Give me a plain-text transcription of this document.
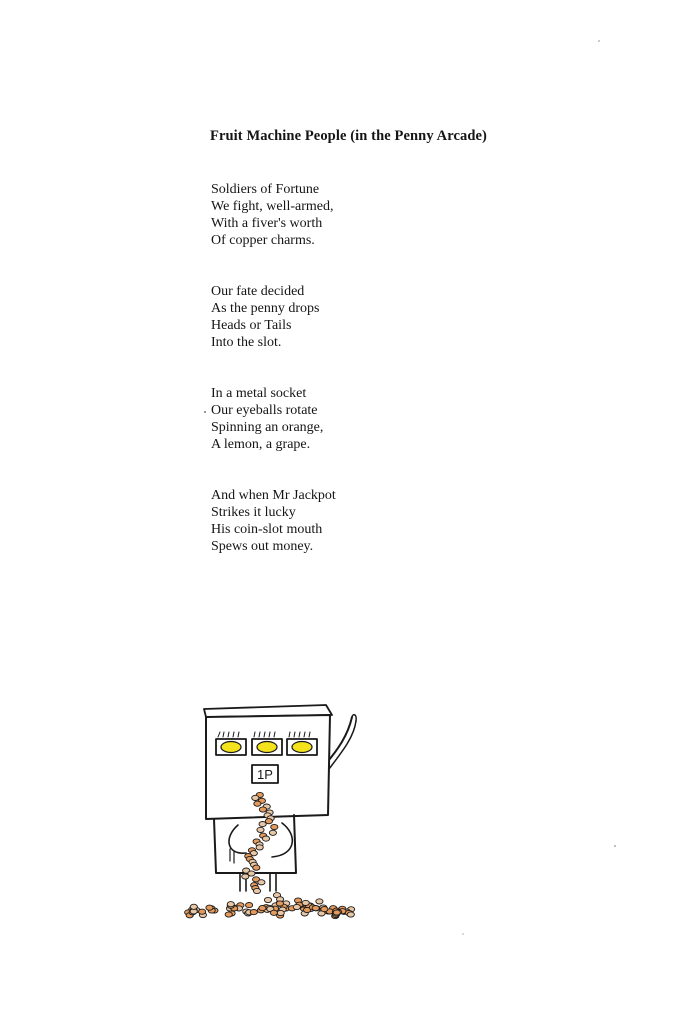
Fruit Machine People (in the Penny Arcade)
Soldiers of Fortune
We fight, well-armed,
With a fiver's worth
Of copper charms.
Our fate decided
As the penny drops
Heads or Tails
Into the slot.
In a metal socket
Our eyeballs rotate
Spinning an orange,
A lemon, a grape.
And when Mr Jackpot
Strikes it lucky
His coin-slot mouth
Spews out money.
1P
